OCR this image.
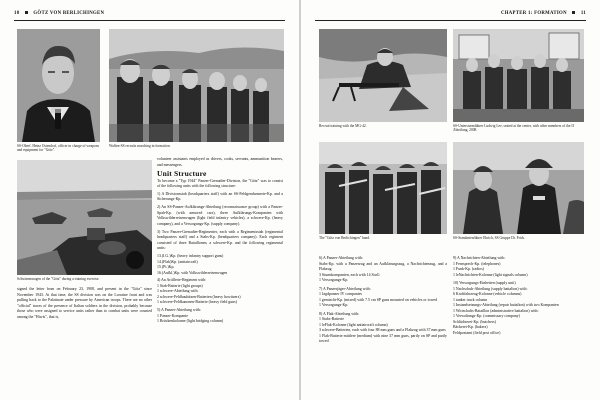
10	GÖTZ VON BERLICHINGEN
SS-Oberf. Heinz Ostendorf, officer in charge of weapons and equipment for "Götz".
Waffen-SS recruits marching in formation.
Schwimmwagen of the "Götz" during a training exercise.

signed the letter from on February 23, 1908, and present in the "Götz" since November 1943. At that time, the SS division was on the Lorraine front and was pulling back to the Palatinate under pressure by American troops. There are no other "official" traces of the presence of Italian soldiers in the division, probably because those who were assigned to service units rather than to combat units were counted among the "Hiwis", that is,

volunteer assistants employed as drivers, cooks, servants, ammunition bearers, and messengers.

Unit Structure

To become a "Typ 1944" Panzer-Grenadier-Division, the "Götz" was to consist of the following units with the following structure:

1) A Divisionsstab (headquarters staff) with an SS-Feldgendarmerie-Kp. and a Sicherungs-Kp.

2) An SS-Panzer-Aufklärungs-Abteilung (reconnaissance group) with a Panzer-Spah-Kp. (with armored cars), three Aufklärungs-Kompanien with Volkswilderreisenwagen (light field infantry vehicles), a schwere-Kp. (heavy company), and a Versorgungs-Kp. (supply company).

3) Two Panzer-Grenadier-Regimenter, each with a Regimentsstab (regimental headquarters staff) and a Stabs-Kp. (headquarters company). Each regiment consisted of three Bataillonen, a schwere-Kp. and the following regimental units:

13.(I.G.)Kp. (heavy infantry support guns)
14.(Flak)Kp. (antiaircraft)
15.(Pi.)Kp.
16.(Aufkl.)Kp. with Volkswilderreisenwagen
4) An Artillerie-Regiment with:
1 Stab-Batterie (light groups)
1 schwere-Abteilung with:
2 schwere-Feldhaubitzen-Batterien (heavy howitzers)
1 schwere-Feldkanonen-Batterie (heavy field guns)
5) A Panzer-Abteilung with:
1 Panzer-Kompanie
1 Brückenkolonne (light bridging column)
CHAPTER 1: FORMATION	11
Recruit training with the MG-42.	SS-Untersturmführer Ludwig Lee, seated at the center, with other members of the II Abteilung, 2008.
The "Götz von Berlichingen" band.	SS-Standartenführer Ehrich, SS Gruppe Dr. Frick.
6) A Panzer-Abteilung with:
Stabs-Kp. with a Panzerzug and an Aufklärungszug, a Nachrichtenzug, and a Flakzug
3 Sturmkompanien, each with 14 StuG
1 Versorgungs-Kp.
7) A Panzerjäger-Abteilung with:
1 Jagdpanzer IV companies
1 gemischt-Kp. (mixed) with 7.5 cm SP guns mounted on vehicles or towed
1 Versorgungs-Kp.
8) A Flak-Abteilung with:
1 Stabs-Batterie
1 leFlak-Kolonne (light antiaircraft column)
3 schwere-Batterien, each with four 88 mm guns and a Flakzug with 37 mm guns
1 Flak-Batterie mittlere (medium) with nine 37 mm guns, partly on SP and partly towed
9) A Nachrichten-Abteilung with:
1 Fernsprech-Kp. (telephones)
1 Funk-Kp. (radios)
1 leNachrichten-Kolonne (light signals column)
10) Versorgungs-Einheiten (supply unit)
1 Nachschub-Abteilung (supply battalion) with:
6 Kraftfahrzeug-Kolonne (vehicle columns)
1 tanker truck column
1 Instandsetzungs-Abteilung (repair battalion) with two Kompanien
1 Wirtschafts-Bataillon (administrative battalion) with:
1 Verwaltungs-Kp. (commissary company)
Schlächterei-Kp. (butchers)
Bäckerei-Kp. (bakers)
Feldpostamt (field post office)
